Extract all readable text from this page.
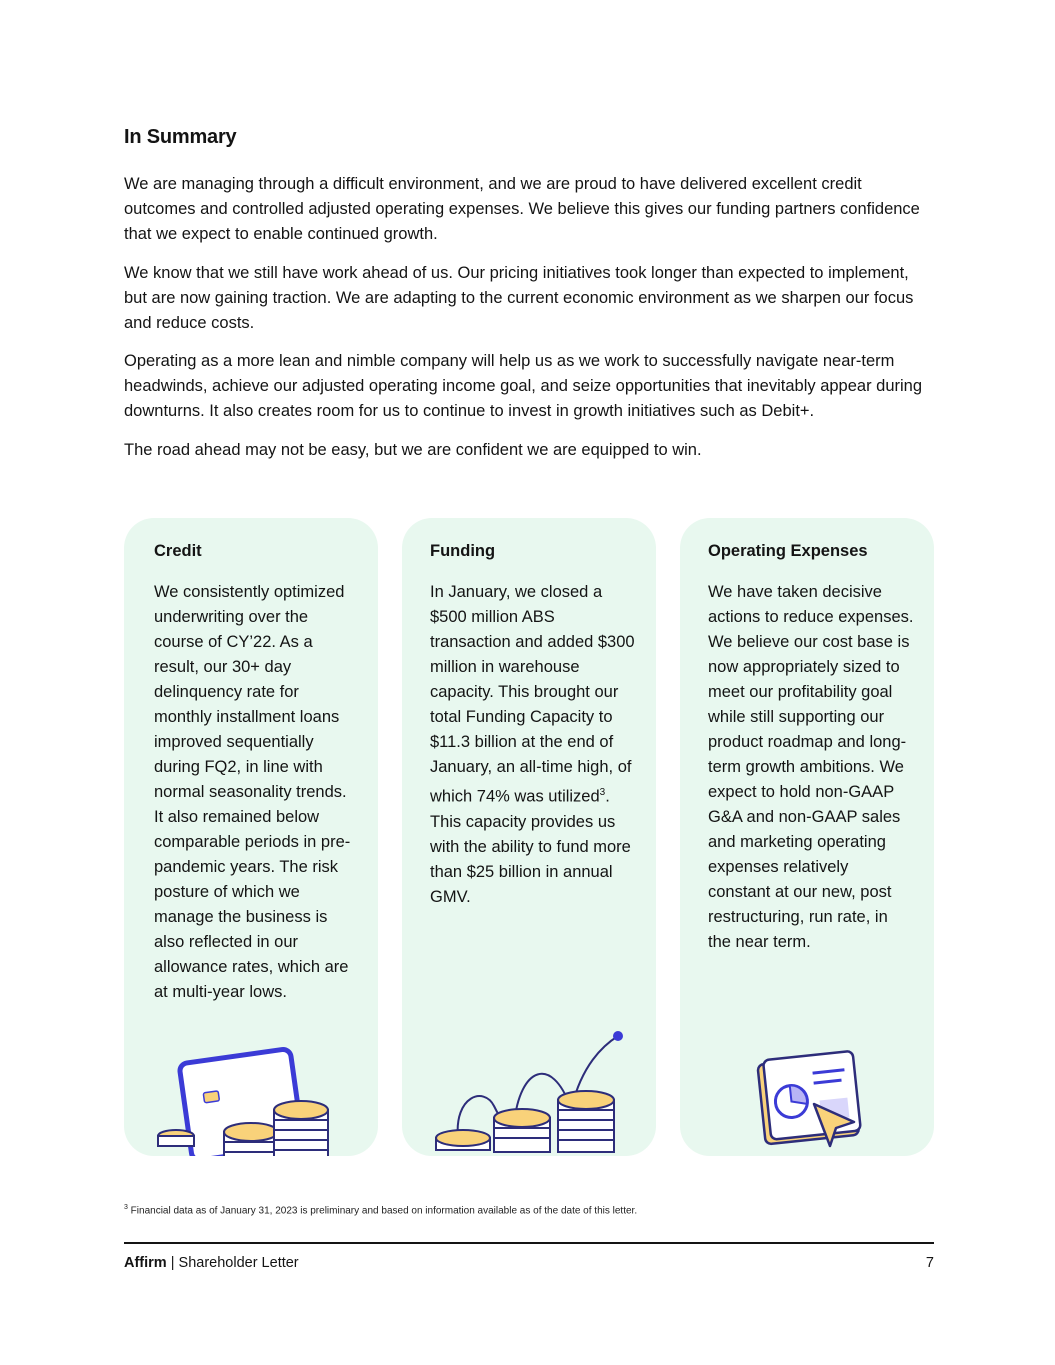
In Summary

We are managing through a difficult environment, and we are proud to have delivered excellent credit outcomes and controlled adjusted operating expenses. We believe this gives our funding partners confidence that we expect to enable continued growth.

We know that we still have work ahead of us. Our pricing initiatives took longer than expected to implement, but are now gaining traction. We are adapting to the current economic environment as we sharpen our focus and reduce costs.

Operating as a more lean and nimble company will help us as we work to successfully navigate near-term headwinds, achieve our adjusted operating income goal, and seize opportunities that inevitably appear during downturns. It also creates room for us to continue to invest in growth initiatives such as Debit+.

The road ahead may not be easy, but we are confident we are equipped to win.

Credit
We consistently optimized underwriting over the course of CY’22. As a result, our 30+ day delinquency rate for monthly installment loans improved sequentially during FQ2, in line with normal seasonality trends. It also remained below comparable periods in pre-pandemic years. The risk posture of which we manage the business is also reflected in our allowance rates, which are at multi-year lows.
Funding
In January, we closed a $500 million ABS transaction and added $300 million in warehouse capacity. This brought our total Funding Capacity to $11.3 billion at the end of January, an all-time high, of which 74% was utilized$^3$. This capacity provides us with the ability to fund more than $25 billion in annual GMV.
Operating Expenses
We have taken decisive actions to reduce expenses. We believe our cost base is now appropriately sized to meet our profitability goal while still supporting our product roadmap and long-term growth ambitions. We expect to hold non-GAAP G&A and non-GAAP sales and marketing operating expenses relatively constant at our new, post restructuring, run rate, in the near term.
$^3$ Financial data as of January 31, 2023 is preliminary and based on information available as of the date of this letter.
Affirm | Shareholder Letter	7
